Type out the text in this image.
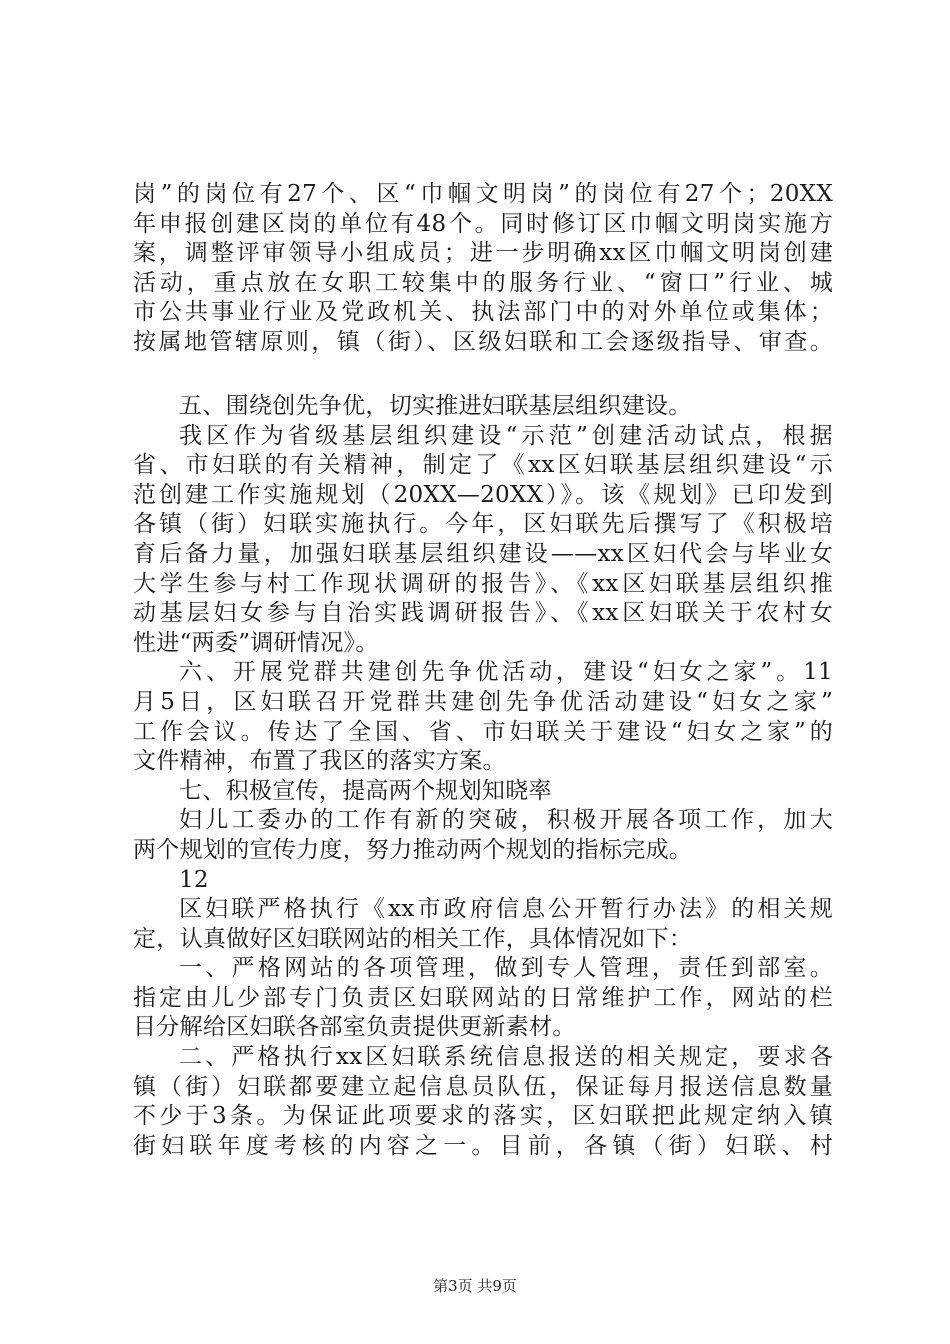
岗”的岗位有27个、区“巾帼文明岗”的岗位有27个；20XX
年申报创建区岗的单位有48个。同时修订区巾帼文明岗实施方
案，调整评审领导小组成员；进一步明确xx区巾帼文明岗创建
活动，重点放在女职工较集中的服务行业、“窗口”行业、城
市公共事业行业及党政机关、执法部门中的对外单位或集体；
按属地管辖原则，镇（街）、区级妇联和工会逐级指导、审查。
五、围绕创先争优，切实推进妇联基层组织建设。
我区作为省级基层组织建设“示范”创建活动试点，根据
省、市妇联的有关精神，制定了《xx区妇联基层组织建设“示
范创建工作实施规划（20XX—20XX）》。该《规划》已印发到
各镇（街）妇联实施执行。今年，区妇联先后撰写了《积极培
育后备力量，加强妇联基层组织建设——xx区妇代会与毕业女
大学生参与村工作现状调研的报告》、《xx区妇联基层组织推
动基层妇女参与自治实践调研报告》、《xx区妇联关于农村女
性进“两委”调研情况》。
六、开展党群共建创先争优活动，建设“妇女之家”。11
月5日，区妇联召开党群共建创先争优活动建设“妇女之家”
工作会议。传达了全国、省、市妇联关于建设“妇女之家”的
文件精神，布置了我区的落实方案。
七、积极宣传，提高两个规划知晓率
妇儿工委办的工作有新的突破，积极开展各项工作，加大
两个规划的宣传力度，努力推动两个规划的指标完成。
12
区妇联严格执行《xx市政府信息公开暂行办法》的相关规
定，认真做好区妇联网站的相关工作，具体情况如下：
一、严格网站的各项管理，做到专人管理，责任到部室。
指定由儿少部专门负责区妇联网站的日常维护工作，网站的栏
目分解给区妇联各部室负责提供更新素材。
二、严格执行xx区妇联系统信息报送的相关规定，要求各
镇（街）妇联都要建立起信息员队伍，保证每月报送信息数量
不少于3条。为保证此项要求的落实，区妇联把此规定纳入镇
街妇联年度考核的内容之一。目前，各镇（街）妇联、村
第3页 共9页
